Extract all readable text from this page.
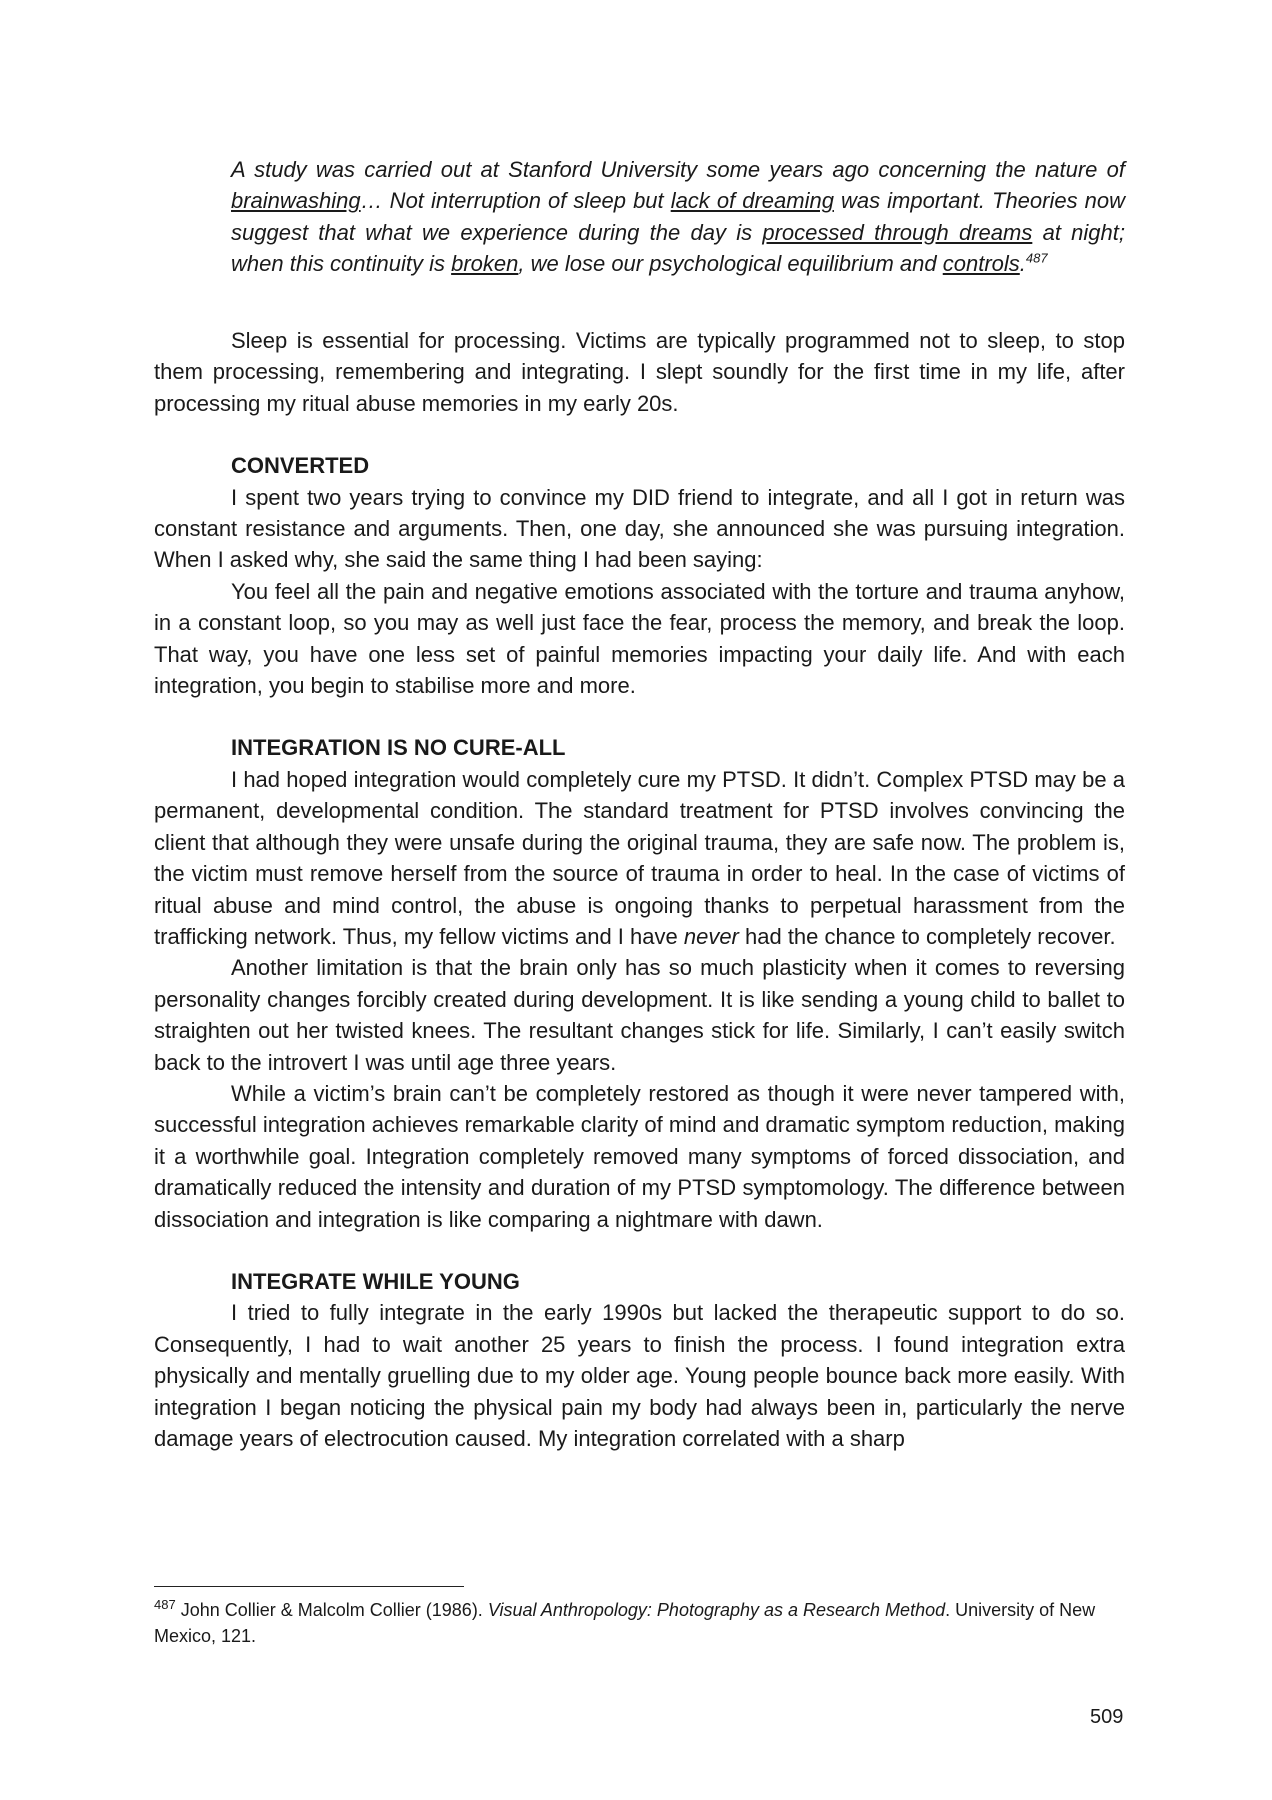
A study was carried out at Stanford University some years ago concerning the nature of brainwashing… Not interruption of sleep but lack of dreaming was important. Theories now suggest that what we experience during the day is processed through dreams at night; when this continuity is broken, we lose our psychological equilibrium and controls.$^{487}$

Sleep is essential for processing. Victims are typically programmed not to sleep, to stop them processing, remembering and integrating. I slept soundly for the first time in my life, after processing my ritual abuse memories in my early 20s.

CONVERTED

I spent two years trying to convince my DID friend to integrate, and all I got in return was constant resistance and arguments. Then, one day, she announced she was pursuing integration. When I asked why, she said the same thing I had been saying:

You feel all the pain and negative emotions associated with the torture and trauma anyhow, in a constant loop, so you may as well just face the fear, process the memory, and break the loop. That way, you have one less set of painful memories impacting your daily life. And with each integration, you begin to stabilise more and more.

INTEGRATION IS NO CURE-ALL

I had hoped integration would completely cure my PTSD. It didn’t. Complex PTSD may be a permanent, developmental condition. The standard treatment for PTSD involves convincing the client that although they were unsafe during the original trauma, they are safe now. The problem is, the victim must remove herself from the source of trauma in order to heal. In the case of victims of ritual abuse and mind control, the abuse is ongoing thanks to perpetual harassment from the trafficking network. Thus, my fellow victims and I have never had the chance to completely recover.

Another limitation is that the brain only has so much plasticity when it comes to reversing personality changes forcibly created during development. It is like sending a young child to ballet to straighten out her twisted knees. The resultant changes stick for life. Similarly, I can’t easily switch back to the introvert I was until age three years.

While a victim’s brain can’t be completely restored as though it were never tampered with, successful integration achieves remarkable clarity of mind and dramatic symptom reduction, making it a worthwhile goal. Integration completely removed many symptoms of forced dissociation, and dramatically reduced the intensity and duration of my PTSD symptomology. The difference between dissociation and integration is like comparing a nightmare with dawn.

INTEGRATE WHILE YOUNG

I tried to fully integrate in the early 1990s but lacked the therapeutic support to do so. Consequently, I had to wait another 25 years to finish the process. I found integration extra physically and mentally gruelling due to my older age. Young people bounce back more easily. With integration I began noticing the physical pain my body had always been in, particularly the nerve damage years of electrocution caused. My integration correlated with a sharp

$^{487}$ John Collier & Malcolm Collier (1986). Visual Anthropology: Photography as a Research Method. University of New Mexico, 121.
509
